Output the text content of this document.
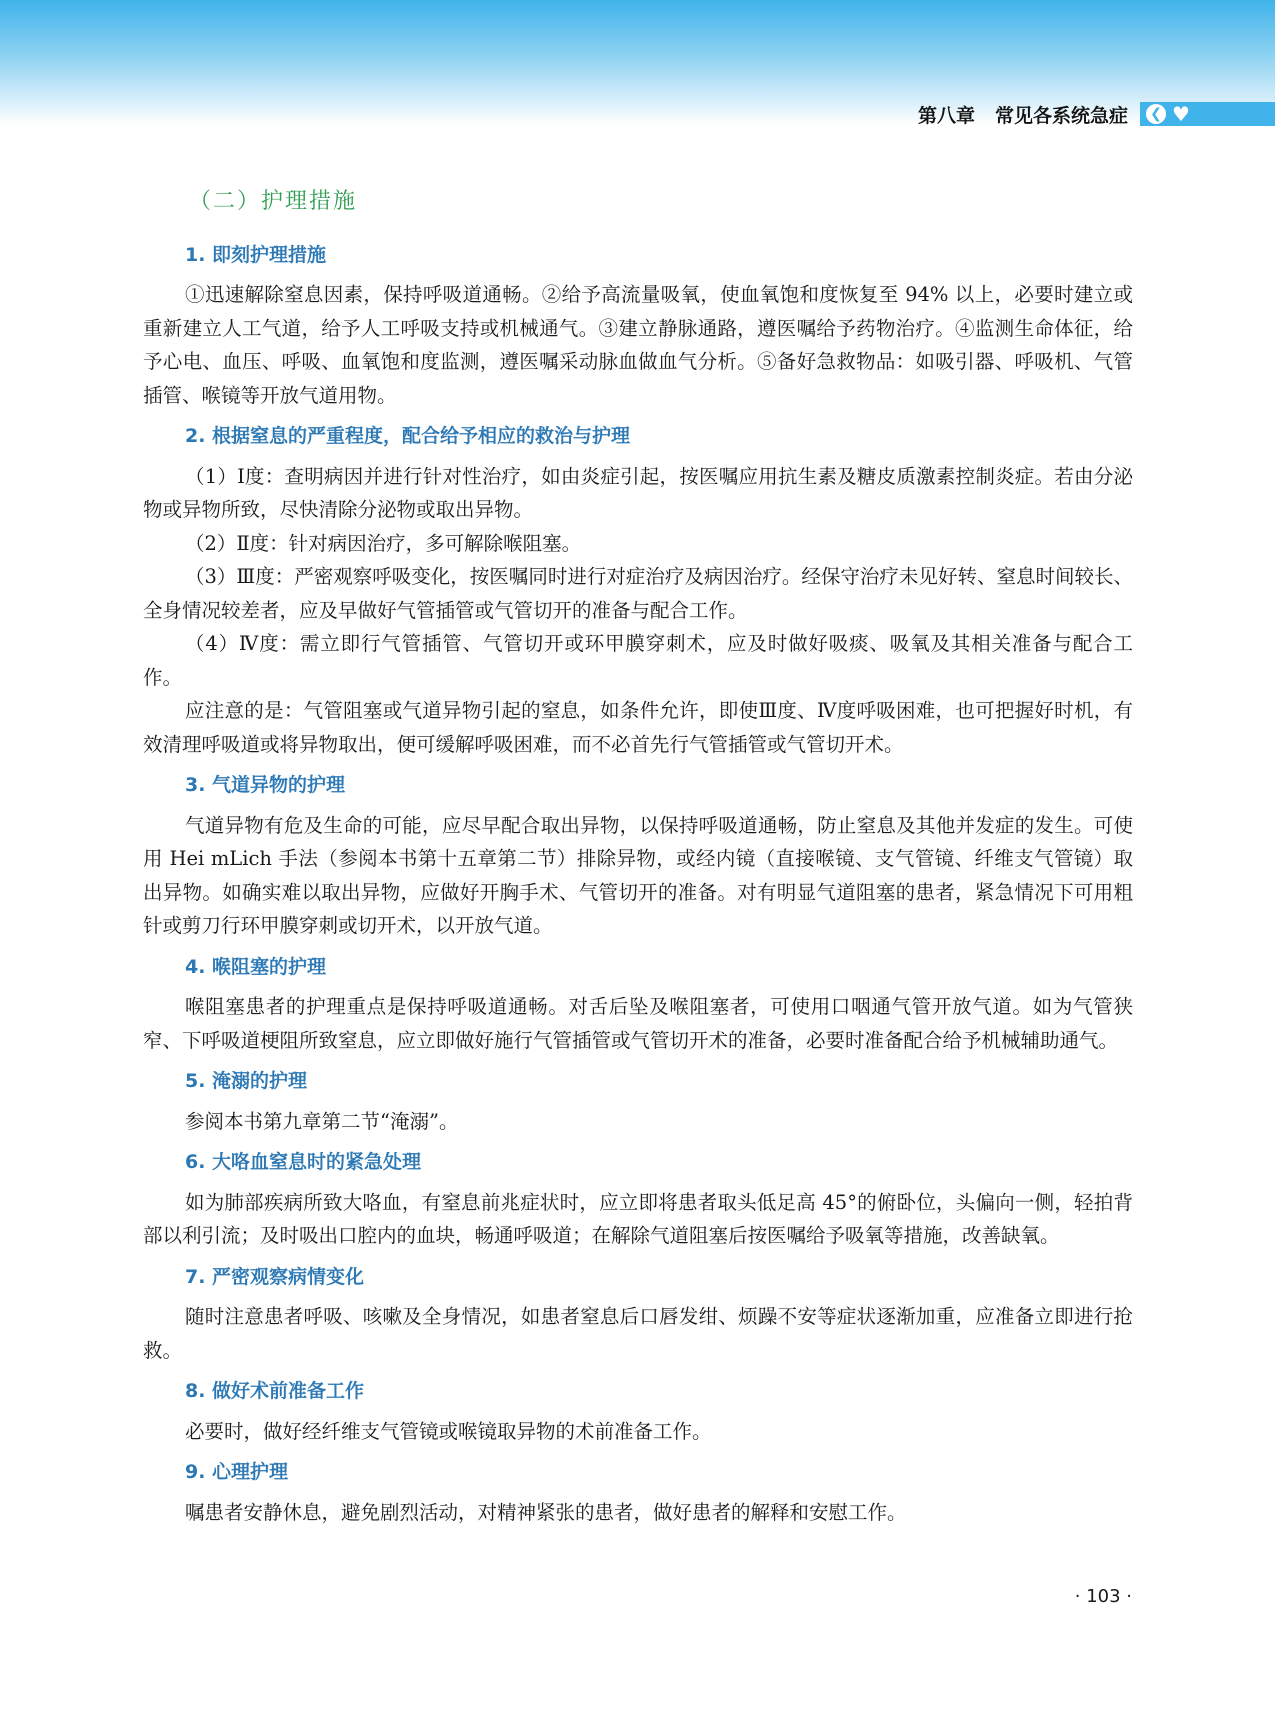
第八章 常见各系统急症 ❮ ♥
（二）护理措施
1. 即刻护理措施

①迅速解除窒息因素，保持呼吸道通畅。②给予高流量吸氧，使血氧饱和度恢复至 94% 以上，必要时建立或重新建立人工气道，给予人工呼吸支持或机械通气。③建立静脉通路，遵医嘱给予药物治疗。④监测生命体征，给予心电、血压、呼吸、血氧饱和度监测，遵医嘱采动脉血做血气分析。⑤备好急救物品：如吸引器、呼吸机、气管插管、喉镜等开放气道用物。

2. 根据窒息的严重程度，配合给予相应的救治与护理

（1）Ⅰ度：查明病因并进行针对性治疗，如由炎症引起，按医嘱应用抗生素及糖皮质激素控制炎症。若由分泌物或异物所致，尽快清除分泌物或取出异物。

（2）Ⅱ度：针对病因治疗，多可解除喉阻塞。

（3）Ⅲ度：严密观察呼吸变化，按医嘱同时进行对症治疗及病因治疗。经保守治疗未见好转、窒息时间较长、全身情况较差者，应及早做好气管插管或气管切开的准备与配合工作。

（4）Ⅳ度：需立即行气管插管、气管切开或环甲膜穿刺术，应及时做好吸痰、吸氧及其相关准备与配合工作。

应注意的是：气管阻塞或气道异物引起的窒息，如条件允许，即使Ⅲ度、Ⅳ度呼吸困难，也可把握好时机，有效清理呼吸道或将异物取出，便可缓解呼吸困难，而不必首先行气管插管或气管切开术。

3. 气道异物的护理

气道异物有危及生命的可能，应尽早配合取出异物，以保持呼吸道通畅，防止窒息及其他并发症的发生。可使用 Hei mLich 手法（参阅本书第十五章第二节）排除异物，或经内镜（直接喉镜、支气管镜、纤维支气管镜）取出异物。如确实难以取出异物，应做好开胸手术、气管切开的准备。对有明显气道阻塞的患者，紧急情况下可用粗针或剪刀行环甲膜穿刺或切开术，以开放气道。

4. 喉阻塞的护理

喉阻塞患者的护理重点是保持呼吸道通畅。对舌后坠及喉阻塞者，可使用口咽通气管开放气道。如为气管狭窄、下呼吸道梗阻所致窒息，应立即做好施行气管插管或气管切开术的准备，必要时准备配合给予机械辅助通气。

5. 淹溺的护理

参阅本书第九章第二节“淹溺”。

6. 大咯血窒息时的紧急处理

如为肺部疾病所致大咯血，有窒息前兆症状时，应立即将患者取头低足高 45°的俯卧位，头偏向一侧，轻拍背部以利引流；及时吸出口腔内的血块，畅通呼吸道；在解除气道阻塞后按医嘱给予吸氧等措施，改善缺氧。

7. 严密观察病情变化

随时注意患者呼吸、咳嗽及全身情况，如患者窒息后口唇发绀、烦躁不安等症状逐渐加重，应准备立即进行抢救。

8. 做好术前准备工作

必要时，做好经纤维支气管镜或喉镜取异物的术前准备工作。

9. 心理护理

嘱患者安静休息，避免剧烈活动，对精神紧张的患者，做好患者的解释和安慰工作。

· 103 ·
